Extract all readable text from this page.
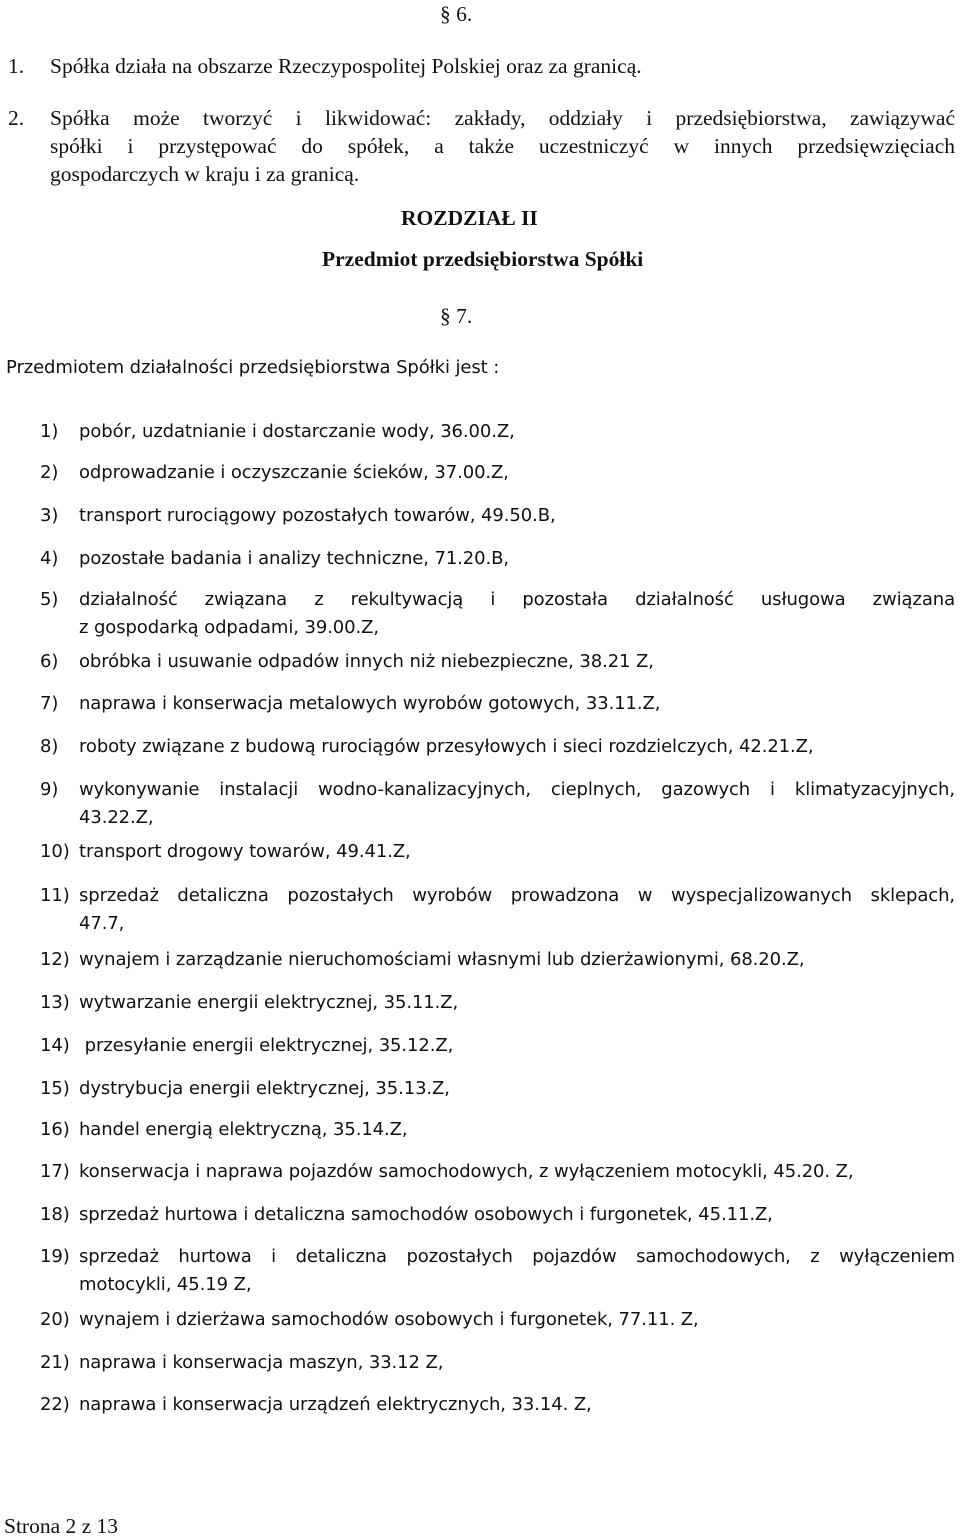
§ 6.
1. Spółka działa na obszarze Rzeczypospolitej Polskiej oraz za granicą.
2. Spółka może tworzyć i likwidować: zakłady, oddziały i przedsiębiorstwa, zawiązywać
spółki i przystępować do spółek, a także uczestniczyć w innych przedsięwzięciach
gospodarczych w kraju i za granicą.
ROZDZIAŁ II
Przedmiot przedsiębiorstwa Spółki
§ 7.
Przedmiotem działalności przedsiębiorstwa Spółki jest :
1) pobór, uzdatnianie i dostarczanie wody, 36.00.Z,
2) odprowadzanie i oczyszczanie ścieków, 37.00.Z,
3) transport rurociągowy pozostałych towarów, 49.50.B,
4) pozostałe badania i analizy techniczne, 71.20.B,
5) działalność związana z rekultywacją i pozostała działalność usługowa związana
z gospodarką odpadami, 39.00.Z,
6) obróbka i usuwanie odpadów innych niż niebezpieczne, 38.21 Z,
7) naprawa i konserwacja metalowych wyrobów gotowych, 33.11.Z,
8) roboty związane z budową rurociągów przesyłowych i sieci rozdzielczych, 42.21.Z,
9) wykonywanie instalacji wodno-kanalizacyjnych, cieplnych, gazowych i klimatyzacyjnych,
43.22.Z,
10) transport drogowy towarów, 49.41.Z,
11) sprzedaż detaliczna pozostałych wyrobów prowadzona w wyspecjalizowanych sklepach,
47.7,
12) wynajem i zarządzanie nieruchomościami własnymi lub dzierżawionymi, 68.20.Z,
13) wytwarzanie energii elektrycznej, 35.11.Z,
14) przesyłanie energii elektrycznej, 35.12.Z,
15) dystrybucja energii elektrycznej, 35.13.Z,
16) handel energią elektryczną, 35.14.Z,
17) konserwacja i naprawa pojazdów samochodowych, z wyłączeniem motocykli, 45.20. Z,
18) sprzedaż hurtowa i detaliczna samochodów osobowych i furgonetek, 45.11.Z,
19) sprzedaż hurtowa i detaliczna pozostałych pojazdów samochodowych, z wyłączeniem
motocykli, 45.19 Z,
20) wynajem i dzierżawa samochodów osobowych i furgonetek, 77.11. Z,
21) naprawa i konserwacja maszyn, 33.12 Z,
22) naprawa i konserwacja urządzeń elektrycznych, 33.14. Z,
Strona 2 z 13
